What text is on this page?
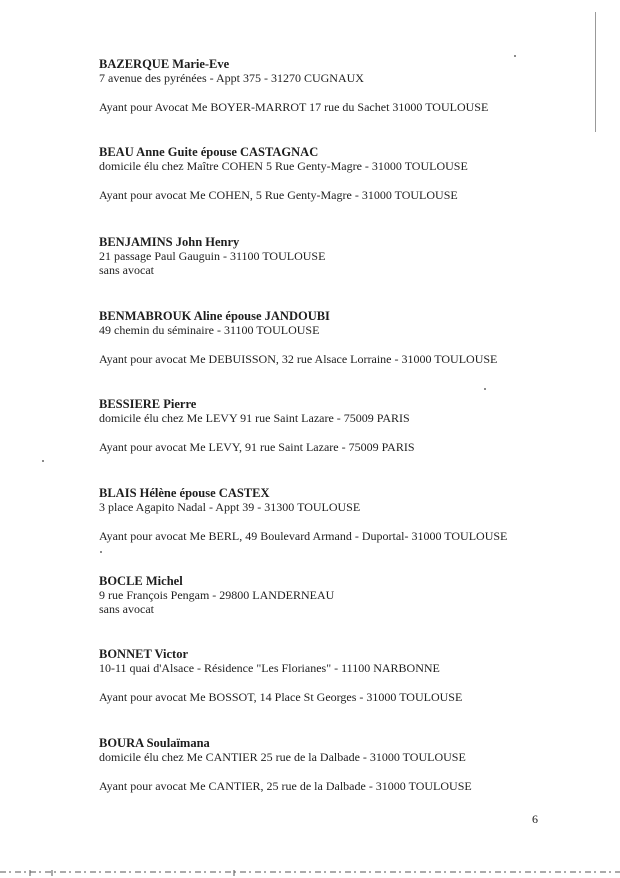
BAZERQUE Marie-Eve
7 avenue des pyrénées - Appt 375 - 31270 CUGNAUX
Ayant pour Avocat Me BOYER-MARROT 17 rue du Sachet 31000 TOULOUSE
BEAU Anne Guite épouse CASTAGNAC
domicile élu chez Maître COHEN 5 Rue Genty-Magre - 31000 TOULOUSE
Ayant pour avocat Me COHEN, 5 Rue Genty-Magre - 31000 TOULOUSE
BENJAMINS John Henry
21 passage Paul Gauguin - 31100 TOULOUSE
sans avocat
BENMABROUK Aline épouse JANDOUBI
49 chemin du séminaire - 31100 TOULOUSE
Ayant pour avocat Me DEBUISSON, 32 rue Alsace Lorraine - 31000 TOULOUSE
BESSIERE Pierre
domicile élu chez Me LEVY 91 rue Saint Lazare - 75009 PARIS
Ayant pour avocat Me LEVY, 91 rue Saint Lazare - 75009 PARIS
BLAIS Hélène épouse CASTEX
3 place Agapito Nadal - Appt 39 - 31300 TOULOUSE
Ayant pour avocat Me BERL, 49 Boulevard Armand - Duportal- 31000 TOULOUSE
BOCLE Michel
9 rue François Pengam - 29800 LANDERNEAU
sans avocat
BONNET Victor
10-11 quai d'Alsace - Résidence "Les Florianes" - 11100 NARBONNE
Ayant pour avocat Me BOSSOT, 14 Place St Georges - 31000 TOULOUSE
BOURA Soulaïmana
domicile élu chez Me CANTIER 25 rue de la Dalbade - 31000 TOULOUSE
Ayant pour avocat Me CANTIER, 25 rue de la Dalbade - 31000 TOULOUSE
6
